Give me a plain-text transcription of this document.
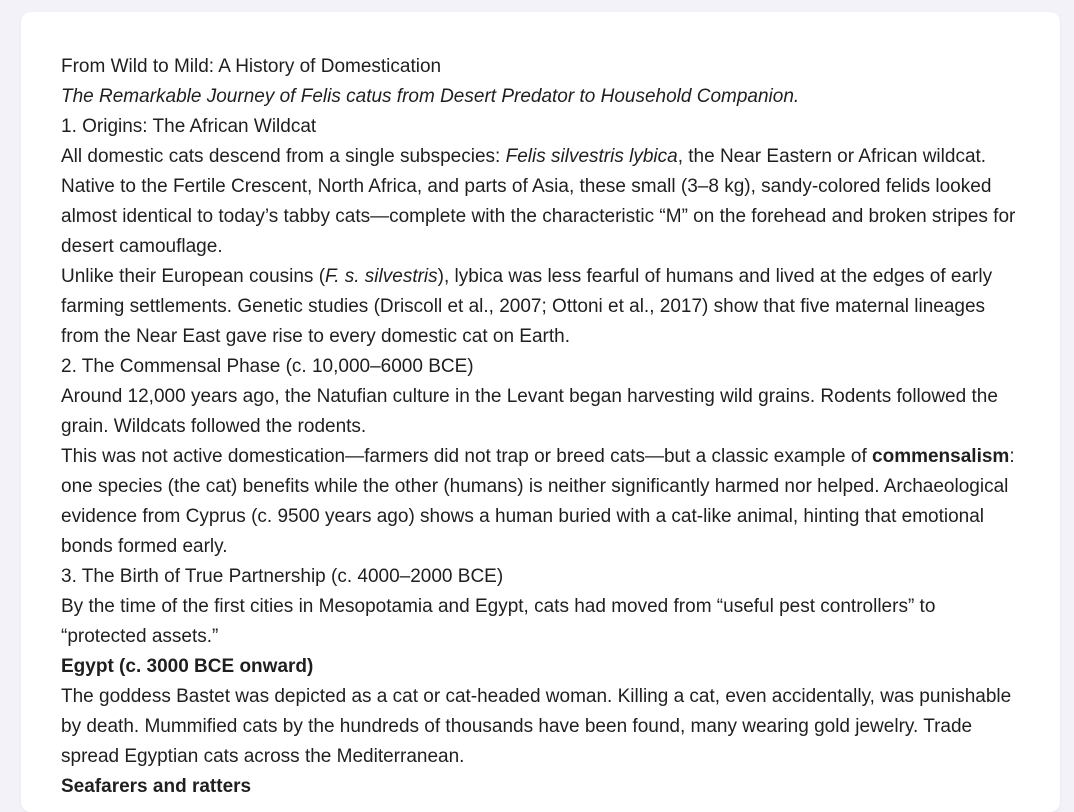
From Wild to Mild: A History of Domestication
The Remarkable Journey of Felis catus from Desert Predator to Household Companion.
1. Origins: The African Wildcat

All domestic cats descend from a single subspecies: Felis silvestris lybica, the Near Eastern or African wildcat. Native to the Fertile Crescent, North Africa, and parts of Asia, these small (3–8 kg), sandy-colored felids looked almost identical to today’s tabby cats—complete with the characteristic “M” on the forehead and broken stripes for desert camouflage.

Unlike their European cousins (F. s. silvestris), lybica was less fearful of humans and lived at the edges of early farming settlements. Genetic studies (Driscoll et al., 2007; Ottoni et al., 2017) show that five maternal lineages from the Near East gave rise to every domestic cat on Earth.

2. The Commensal Phase (c. 10,000–6000 BCE)

Around 12,000 years ago, the Natufian culture in the Levant began harvesting wild grains. Rodents followed the grain. Wildcats followed the rodents.

This was not active domestication—farmers did not trap or breed cats—but a classic example of commensalism: one species (the cat) benefits while the other (humans) is neither significantly harmed nor helped. Archaeological evidence from Cyprus (c. 9500 years ago) shows a human buried with a cat-like animal, hinting that emotional bonds formed early.

3. The Birth of True Partnership (c. 4000–2000 BCE)

By the time of the first cities in Mesopotamia and Egypt, cats had moved from “useful pest controllers” to “protected assets.”

Egypt (c. 3000 BCE onward)

The goddess Bastet was depicted as a cat or cat-headed woman. Killing a cat, even accidentally, was punishable by death. Mummified cats by the hundreds of thousands have been found, many wearing gold jewelry. Trade spread Egyptian cats across the Mediterranean.

Seafarers and ratters
